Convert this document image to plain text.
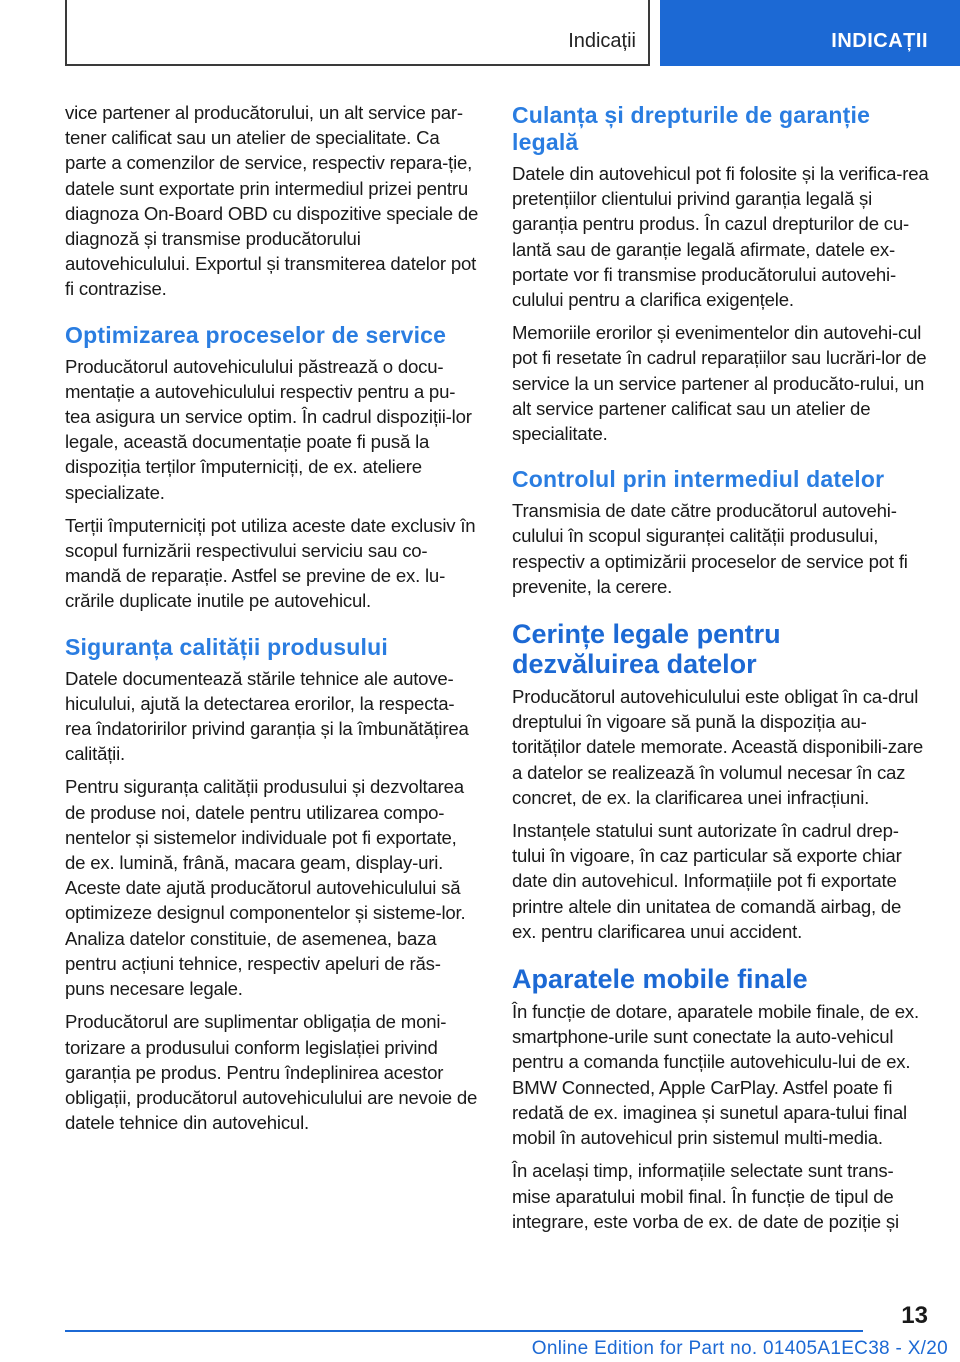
Indicații	INDICAȚII

vice partener al producătorului, un alt service par‐tener calificat sau un atelier de specialitate. Ca parte a comenzilor de service, respectiv repara‐ție, datele sunt exportate prin intermediul prizei pentru diagnoza On-Board OBD cu dispozitive speciale de diagnoză și transmise producătorului autovehiculului. Exportul și transmiterea datelor pot fi contrazise.

Optimizarea proceselor de service

Producătorul autovehiculului păstrează o docu‐mentație a autovehiculului respectiv pentru a pu‐tea asigura un service optim. În cadrul dispoziții‐lor legale, această documentație poate fi pusă la dispoziția terților împuterniciți, de ex. ateliere specializate.

Terții împuterniciți pot utiliza aceste date exclusiv în scopul furnizării respectivului serviciu sau co‐mandă de reparație. Astfel se previne de ex. lu‐crările duplicate inutile pe autovehicul.

Siguranța calității produsului

Datele documentează stările tehnice ale autove‐hiculului, ajută la detectarea erorilor, la respecta‐rea îndatoririlor privind garanția și la îmbunătățirea calității.

Pentru siguranța calității produsului și dezvoltarea de produse noi, datele pentru utilizarea compo‐nentelor și sistemelor individuale pot fi exportate, de ex. lumină, frână, macara geam, display-uri. Aceste date ajută producătorul autovehiculului să optimizeze designul componentelor și sisteme‐lor. Analiza datelor constituie, de asemenea, baza pentru acțiuni tehnice, respectiv apeluri de răs‐puns necesare legale.

Producătorul are suplimentar obligația de moni‐torizare a produsului conform legislației privind garanția pe produs. Pentru îndeplinirea acestor obligații, producătorul autovehiculului are nevoie de datele tehnice din autovehicul.

Culanța și drepturile de garanție legală

Datele din autovehicul pot fi folosite și la verifica‐rea pretențiilor clientului privind garanția legală și garanția pentru produs. În cazul drepturilor de cu‐lantă sau de garanție legală afirmate, datele ex‐portate vor fi transmise producătorului autovehi‐culului pentru a clarifica exigențele.

Memoriile erorilor și evenimentelor din autovehi‐cul pot fi resetate în cadrul reparațiilor sau lucrări‐lor de service la un service partener al producăto‐rului, un alt service partener calificat sau un atelier de specialitate.

Controlul prin intermediul datelor

Transmisia de date către producătorul autovehi‐culului în scopul siguranței calității produsului, respectiv a optimizării proceselor de service pot fi prevenite, la cerere.

Cerințe legale pentru dezvăluirea datelor

Producătorul autovehiculului este obligat în ca‐drul dreptului în vigoare să pună la dispoziția au‐torităților datele memorate. Această disponibili‐zare a datelor se realizează în volumul necesar în caz concret, de ex. la clarificarea unei infracțiuni.

Instanțele statului sunt autorizate în cadrul drep‐tului în vigoare, în caz particular să exporte chiar date din autovehicul. Informațiile pot fi exportate printre altele din unitatea de comandă airbag, de ex. pentru clarificarea unui accident.

Aparatele mobile finale

În funcție de dotare, aparatele mobile finale, de ex. smartphone-urile sunt conectate la auto‐vehicul pentru a comanda funcțiile autovehiculu‐lui de ex. BMW Connected, Apple CarPlay. Astfel poate fi redată de ex. imaginea și sunetul apara‐tului final mobil în autovehicul prin sistemul multi‐media.

În același timp, informațiile selectate sunt trans‐mise aparatului mobil final. În funcție de tipul de integrare, este vorba de ex. de date de poziție și

13
Online Edition for Part no. 01405A1EC38 - X/20
